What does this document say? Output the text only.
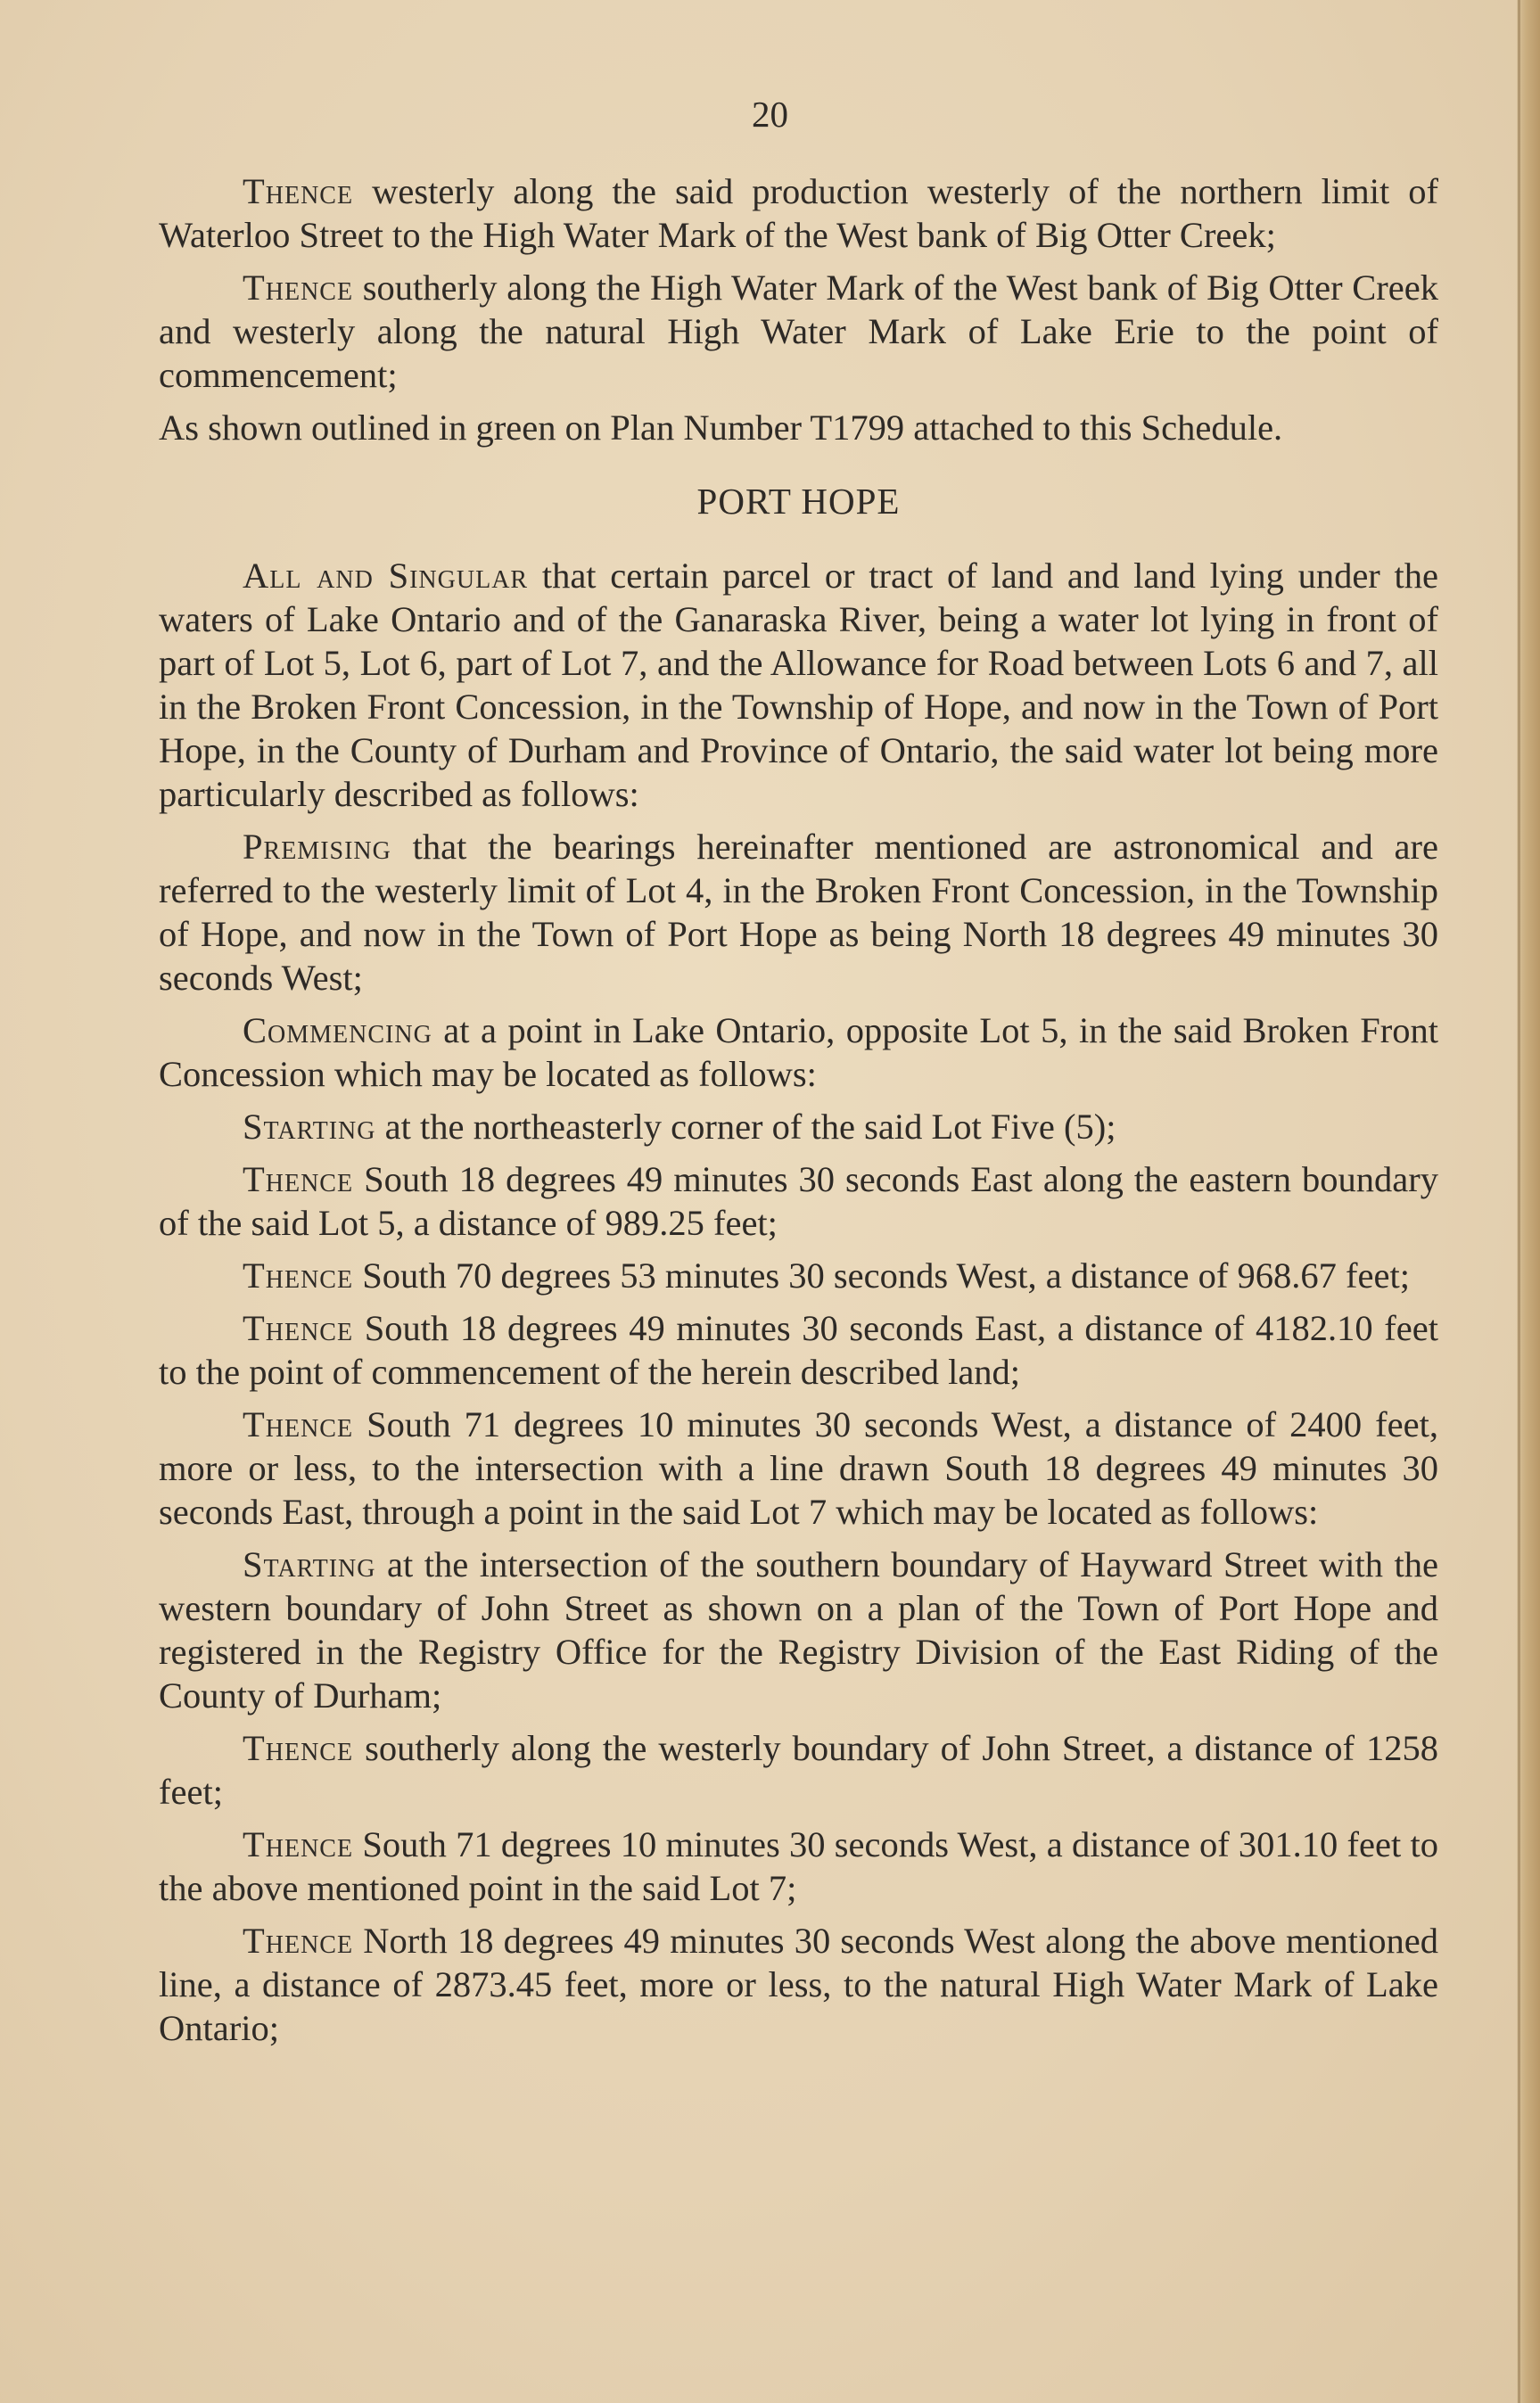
20

Thence westerly along the said production westerly of the northern limit of Waterloo Street to the High Water Mark of the West bank of Big Otter Creek;

Thence southerly along the High Water Mark of the West bank of Big Otter Creek and westerly along the natural High Water Mark of Lake Erie to the point of commencement;

As shown outlined in green on Plan Number T1799 attached to this Schedule.

PORT HOPE

All and Singular that certain parcel or tract of land and land lying under the waters of Lake Ontario and of the Ganaraska River, being a water lot lying in front of part of Lot 5, Lot 6, part of Lot 7, and the Allowance for Road between Lots 6 and 7, all in the Broken Front Concession, in the Township of Hope, and now in the Town of Port Hope, in the County of Durham and Province of Ontario, the said water lot being more particularly described as follows:

Premising that the bearings hereinafter mentioned are astronomical and are referred to the westerly limit of Lot 4, in the Broken Front Concession, in the Township of Hope, and now in the Town of Port Hope as being North 18 degrees 49 minutes 30 seconds West;

Commencing at a point in Lake Ontario, opposite Lot 5, in the said Broken Front Concession which may be located as follows:

Starting at the northeasterly corner of the said Lot Five (5);

Thence South 18 degrees 49 minutes 30 seconds East along the eastern boundary of the said Lot 5, a distance of 989.25 feet;

Thence South 70 degrees 53 minutes 30 seconds West, a distance of 968.67 feet;

Thence South 18 degrees 49 minutes 30 seconds East, a distance of 4182.10 feet to the point of commencement of the herein described land;

Thence South 71 degrees 10 minutes 30 seconds West, a distance of 2400 feet, more or less, to the intersection with a line drawn South 18 degrees 49 minutes 30 seconds East, through a point in the said Lot 7 which may be located as follows:

Starting at the intersection of the southern boundary of Hayward Street with the western boundary of John Street as shown on a plan of the Town of Port Hope and registered in the Registry Office for the Registry Division of the East Riding of the County of Durham;

Thence southerly along the westerly boundary of John Street, a distance of 1258 feet;

Thence South 71 degrees 10 minutes 30 seconds West, a distance of 301.10 feet to the above mentioned point in the said Lot 7;

Thence North 18 degrees 49 minutes 30 seconds West along the above mentioned line, a distance of 2873.45 feet, more or less, to the natural High Water Mark of Lake Ontario;
